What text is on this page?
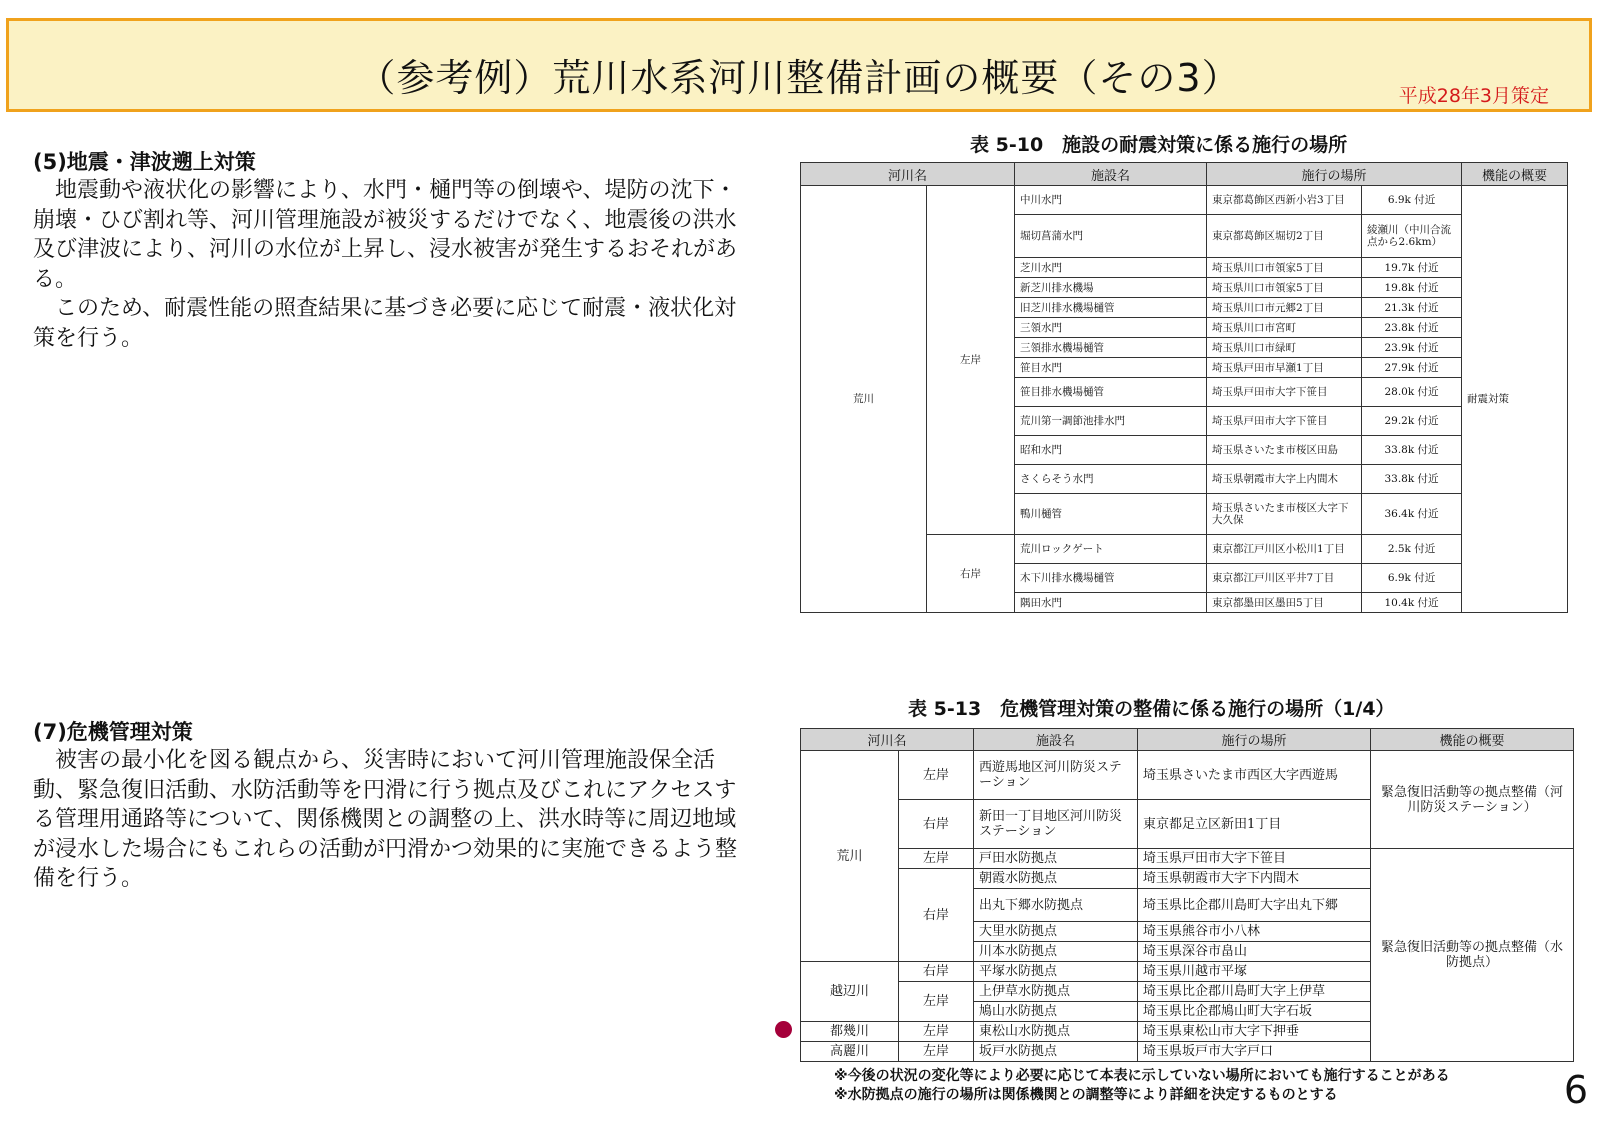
（参考例）荒川水系河川整備計画の概要（その3）	平成28年3月策定
(5)地震・津波遡上対策

地震動や液状化の影響により、水門・樋門等の倒壊や、堤防の沈下・崩壊・ひび割れ等、河川管理施設が被災するだけでなく、地震後の洪水及び津波により、河川の水位が上昇し、浸水被害が発生するおそれがある。

このため、耐震性能の照査結果に基づき必要に応じて耐震・液状化対策を行う。

(7)危機管理対策

被害の最小化を図る観点から、災害時において河川管理施設保全活動、緊急復旧活動、水防活動等を円滑に行う拠点及びこれにアクセスする管理用通路等について、関係機関との調整の上、洪水時等に周辺地域が浸水した場合にもこれらの活動が円滑かつ効果的に実施できるよう整備を行う。

表 5-10　施設の耐震対策に係る施行の場所
河川名		施設名	施行の場所		機能の概要
荒川	左岸	中川水門	東京都葛飾区西新小岩3丁目	6.9k 付近	耐震対策
		堀切菖蒲水門	東京都葛飾区堀切2丁目	綾瀬川（中川合流点から2.6km）	
		芝川水門	埼玉県川口市領家5丁目	19.7k 付近	
		新芝川排水機場	埼玉県川口市領家5丁目	19.8k 付近	
		旧芝川排水機場樋管	埼玉県川口市元郷2丁目	21.3k 付近	
		三領水門	埼玉県川口市宮町	23.8k 付近	
		三領排水機場樋管	埼玉県川口市緑町	23.9k 付近	
		笹目水門	埼玉県戸田市早瀬1丁目	27.9k 付近	
		笹目排水機場樋管	埼玉県戸田市大字下笹目	28.0k 付近	
		荒川第一調節池排水門	埼玉県戸田市大字下笹目	29.2k 付近	
		昭和水門	埼玉県さいたま市桜区田島	33.8k 付近	
		さくらそう水門	埼玉県朝霞市大字上内間木	33.8k 付近	
		鴨川樋管	埼玉県さいたま市桜区大字下大久保	36.4k 付近	
	右岸	荒川ロックゲート	東京都江戸川区小松川1丁目	2.5k 付近	
		木下川排水機場樋管	東京都江戸川区平井7丁目	6.9k 付近	
		隅田水門	東京都墨田区墨田5丁目	10.4k 付近	
表 5-13　危機管理対策の整備に係る施行の場所（1/4）
河川名		施設名	施行の場所	機能の概要
荒川	左岸	西遊馬地区河川防災ステーション	埼玉県さいたま市西区大字西遊馬	緊急復旧活動等の拠点整備（河川防災ステーション）
	右岸	新田一丁目地区河川防災ステーション	東京都足立区新田1丁目	
	左岸	戸田水防拠点	埼玉県戸田市大字下笹目	緊急復旧活動等の拠点整備（水防拠点）
	右岸	朝霞水防拠点	埼玉県朝霞市大字下内間木	
		出丸下郷水防拠点	埼玉県比企郡川島町大字出丸下郷	
		大里水防拠点	埼玉県熊谷市小八林	
		川本水防拠点	埼玉県深谷市畠山	
越辺川	右岸	平塚水防拠点	埼玉県川越市平塚	
	左岸	上伊草水防拠点	埼玉県比企郡川島町大字上伊草	
		鳩山水防拠点	埼玉県比企郡鳩山町大字石坂	
都幾川	左岸	東松山水防拠点	埼玉県東松山市大字下押垂	
高麗川	左岸	坂戸水防拠点	埼玉県坂戸市大字戸口	
※今後の状況の変化等により必要に応じて本表に示していない場所においても施行することがある
※水防拠点の施行の場所は関係機関との調整等により詳細を決定するものとする	6
